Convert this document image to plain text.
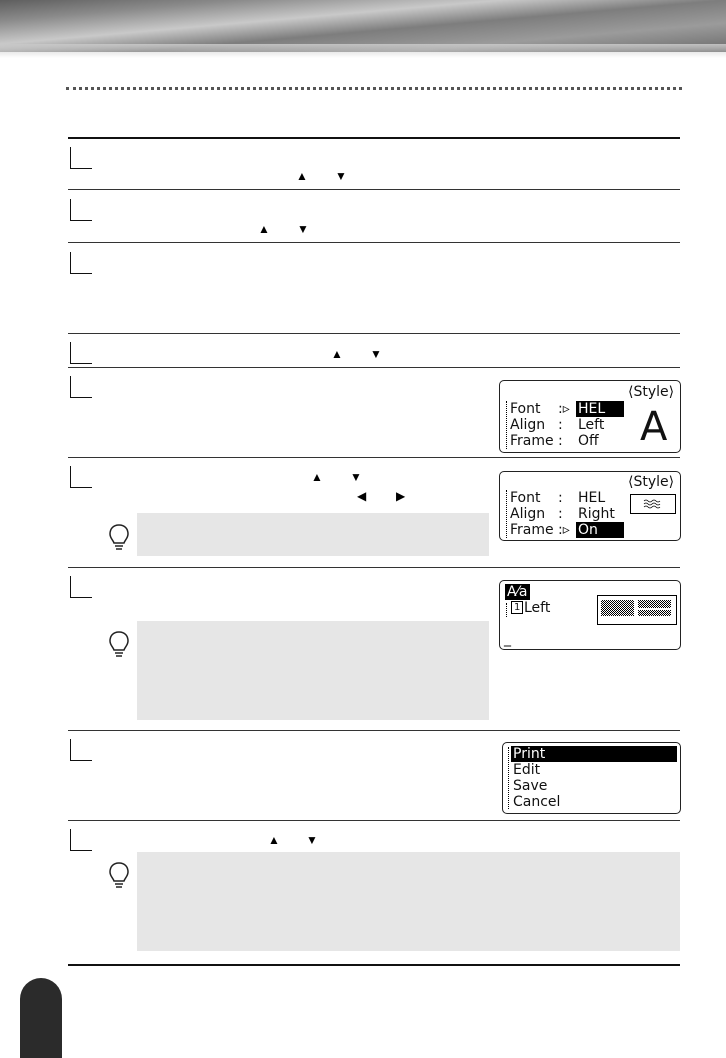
▲ ▼
▲ ▼
▲ ▼
⟨Style⟩
Font :▹ HEL
Align : Left
Frame : Off A
▲ ▼
◀ ▶
⟨Style⟩
Font : HEL
Align : Right
Frame :▹ On
A⁄a
1 Left
_
Print
Edit
Save
Cancel
▲ ▼
